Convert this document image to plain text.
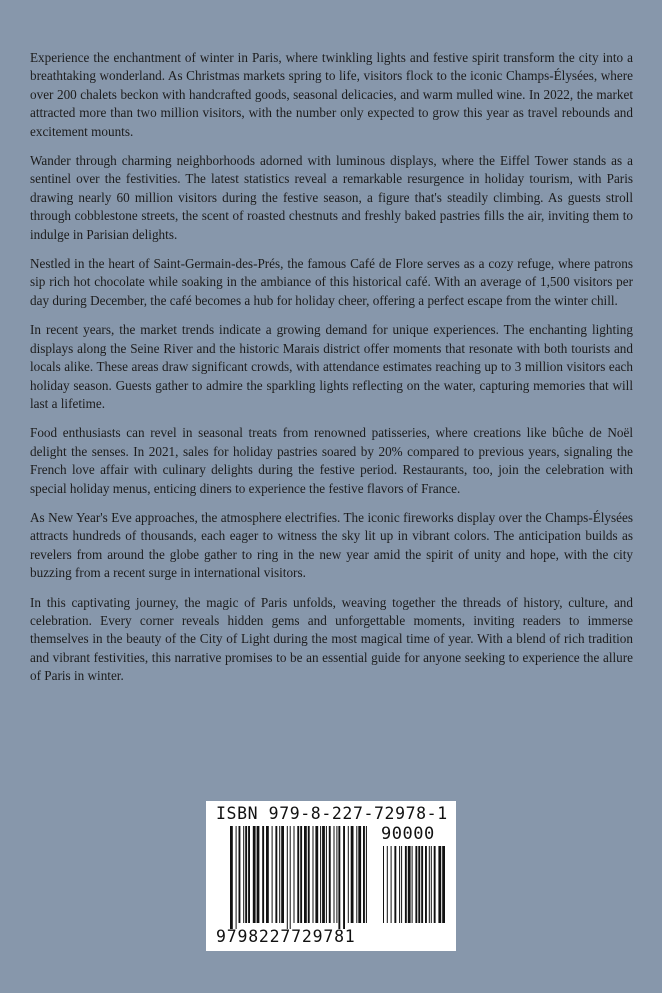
Experience the enchantment of winter in Paris, where twinkling lights and festive spirit transform the city into a breathtaking wonderland. As Christmas markets spring to life, visitors flock to the iconic Champs-Élysées, where over 200 chalets beckon with handcrafted goods, seasonal delicacies, and warm mulled wine. In 2022, the market attracted more than two million visitors, with the number only expected to grow this year as travel rebounds and excitement mounts.

Wander through charming neighborhoods adorned with luminous displays, where the Eiffel Tower stands as a sentinel over the festivities. The latest statistics reveal a remarkable resurgence in holiday tourism, with Paris drawing nearly 60 million visitors during the festive season, a figure that's steadily climbing. As guests stroll through cobblestone streets, the scent of roasted chestnuts and freshly baked pastries fills the air, inviting them to indulge in Parisian delights.

Nestled in the heart of Saint-Germain-des-Prés, the famous Café de Flore serves as a cozy refuge, where patrons sip rich hot chocolate while soaking in the ambiance of this historical café. With an average of 1,500 visitors per day during December, the café becomes a hub for holiday cheer, offering a perfect escape from the winter chill.

In recent years, the market trends indicate a growing demand for unique experiences. The enchanting lighting displays along the Seine River and the historic Marais district offer moments that resonate with both tourists and locals alike. These areas draw significant crowds, with attendance estimates reaching up to 3 million visitors each holiday season. Guests gather to admire the sparkling lights reflecting on the water, capturing memories that will last a lifetime.

Food enthusiasts can revel in seasonal treats from renowned patisseries, where creations like bûche de Noël delight the senses. In 2021, sales for holiday pastries soared by 20% compared to previous years, signaling the French love affair with culinary delights during the festive period. Restaurants, too, join the celebration with special holiday menus, enticing diners to experience the festive flavors of France.

As New Year's Eve approaches, the atmosphere electrifies. The iconic fireworks display over the Champs-Élysées attracts hundreds of thousands, each eager to witness the sky lit up in vibrant colors. The anticipation builds as revelers from around the globe gather to ring in the new year amid the spirit of unity and hope, with the city buzzing from a recent surge in international visitors.

In this captivating journey, the magic of Paris unfolds, weaving together the threads of history, culture, and celebration. Every corner reveals hidden gems and unforgettable moments, inviting readers to immerse themselves in the beauty of the City of Light during the most magical time of year. With a blend of rich tradition and vibrant festivities, this narrative promises to be an essential guide for anyone seeking to experience the allure of Paris in winter.

ISBN 979-8-227-72978-1
90000
9798227729781
